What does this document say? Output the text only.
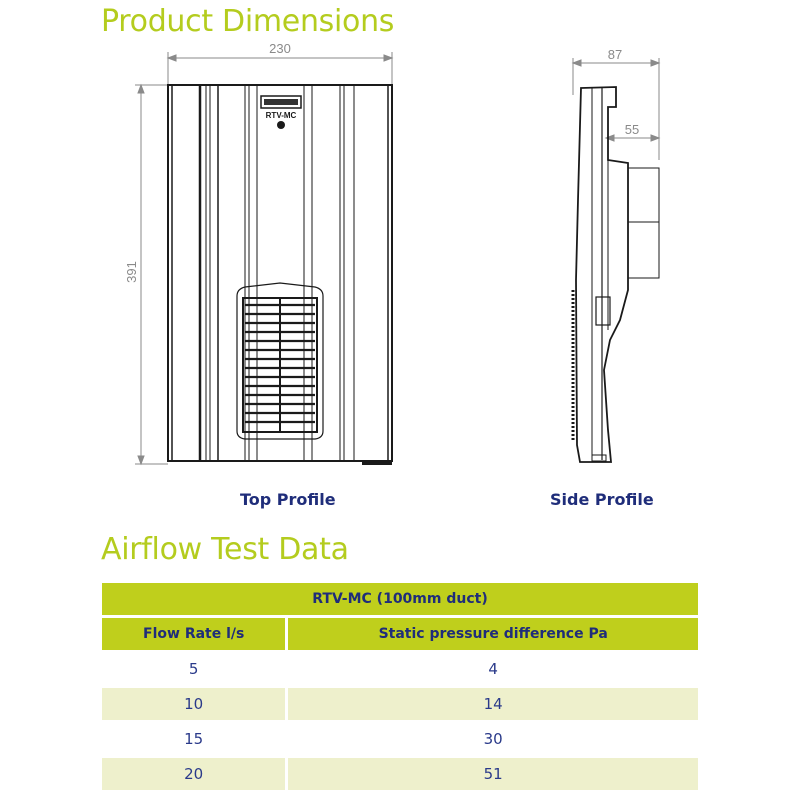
Product Dimensions
230
391
RTV-MC
87
55
Top Profile	Side Profile
Airflow Test Data
RTV-MC (100mm duct)	
Flow Rate l/s	Static pressure difference Pa
5	4
10	14
15	30
20	51
